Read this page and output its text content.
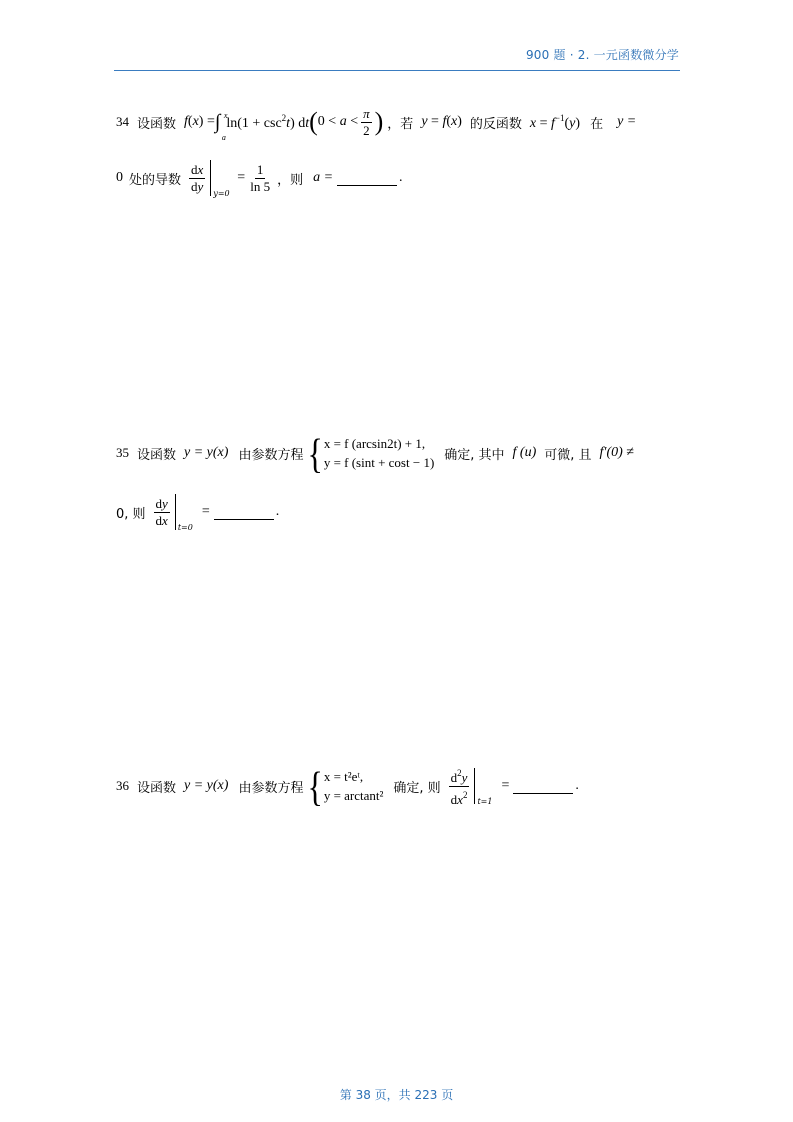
900 题 · 2. 一元函数微分学
34 设函数 f(x) = ∫ x
a
$\ln(1 + \csc^2t)$ dt ( $0 < a < \frac{\pi}{2}$ ) ，若 y = f(x) 的反函数 $x = f^{-1}(y)$ 在 y =
0 处的导数 $\frac{dx}{dy} y=0$
= $\frac{1}{\ln 5}$ ，则 a =	.
35 设函数 y = y(x) 由参数方程 { x = f (arcsin2t) + 1,
y = f (sint + cost − 1) 确定, 其中 f (u) 可微, 且 f′(0) ≠
0, 则 $\frac{dy}{dx} t=0$
=	.
36 设函数 y = y(x) 由参数方程 { x = t²eᵗ,
y = arctant² 确定, 则 $\frac{d^2y}{dx^2} t=1$
=	.
第 38 页，共 223 页
